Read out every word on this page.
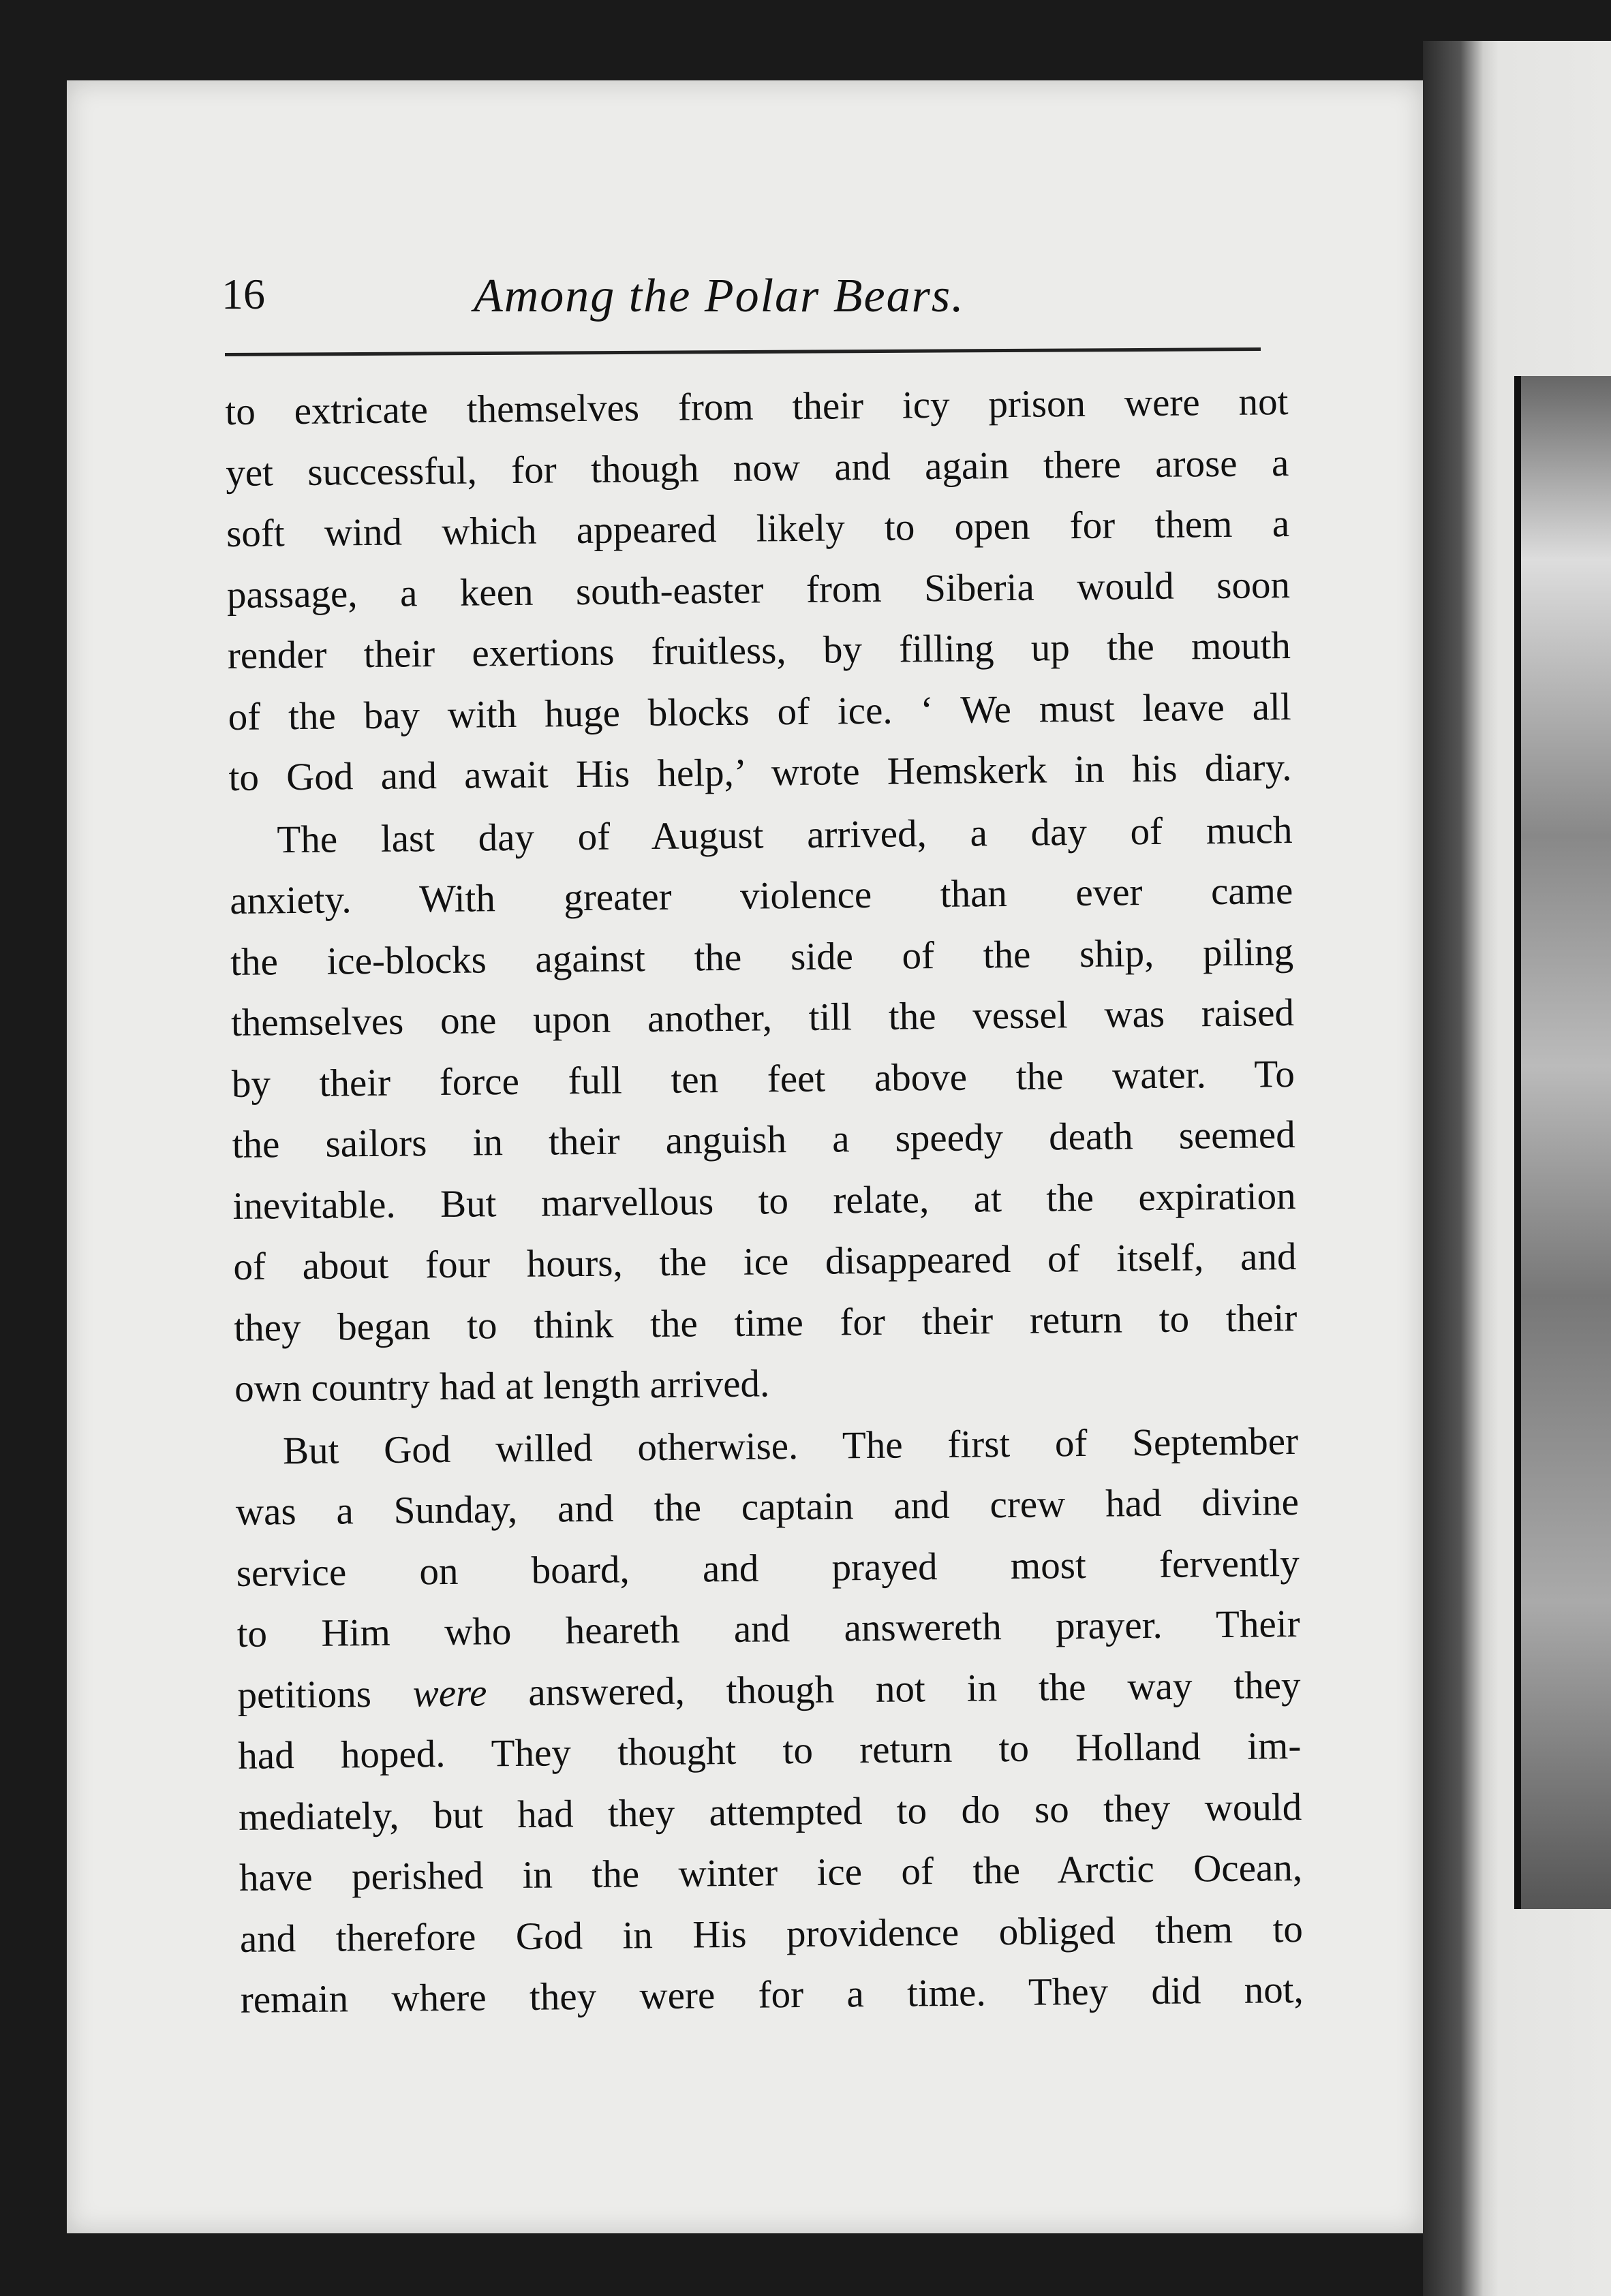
16	Among the Polar Bears.
to extricate themselves from their icy prison were not
yet successful, for though now and again there arose a
soft wind which appeared likely to open for them a
passage, a keen south-easter from Siberia would soon
render their exertions fruitless, by filling up the mouth
of the bay with huge blocks of ice. ‘ We must leave all
to God and await His help,’ wrote Hemskerk in his diary.
The last day of August arrived, a day of much
anxiety. With greater violence than ever came
the ice-blocks against the side of the ship, piling
themselves one upon another, till the vessel was raised
by their force full ten feet above the water. To
the sailors in their anguish a speedy death seemed
inevitable. But marvellous to relate, at the expiration
of about four hours, the ice disappeared of itself, and
they began to think the time for their return to their
own country had at length arrived.
But God willed otherwise. The first of September
was a Sunday, and the captain and crew had divine
service on board, and prayed most fervently
to Him who heareth and answereth prayer. Their
petitions were answered, though not in the way they
had hoped. They thought to return to Holland im-
mediately, but had they attempted to do so they would
have perished in the winter ice of the Arctic Ocean,
and therefore God in His providence obliged them to
remain where they were for a time. They did not,
